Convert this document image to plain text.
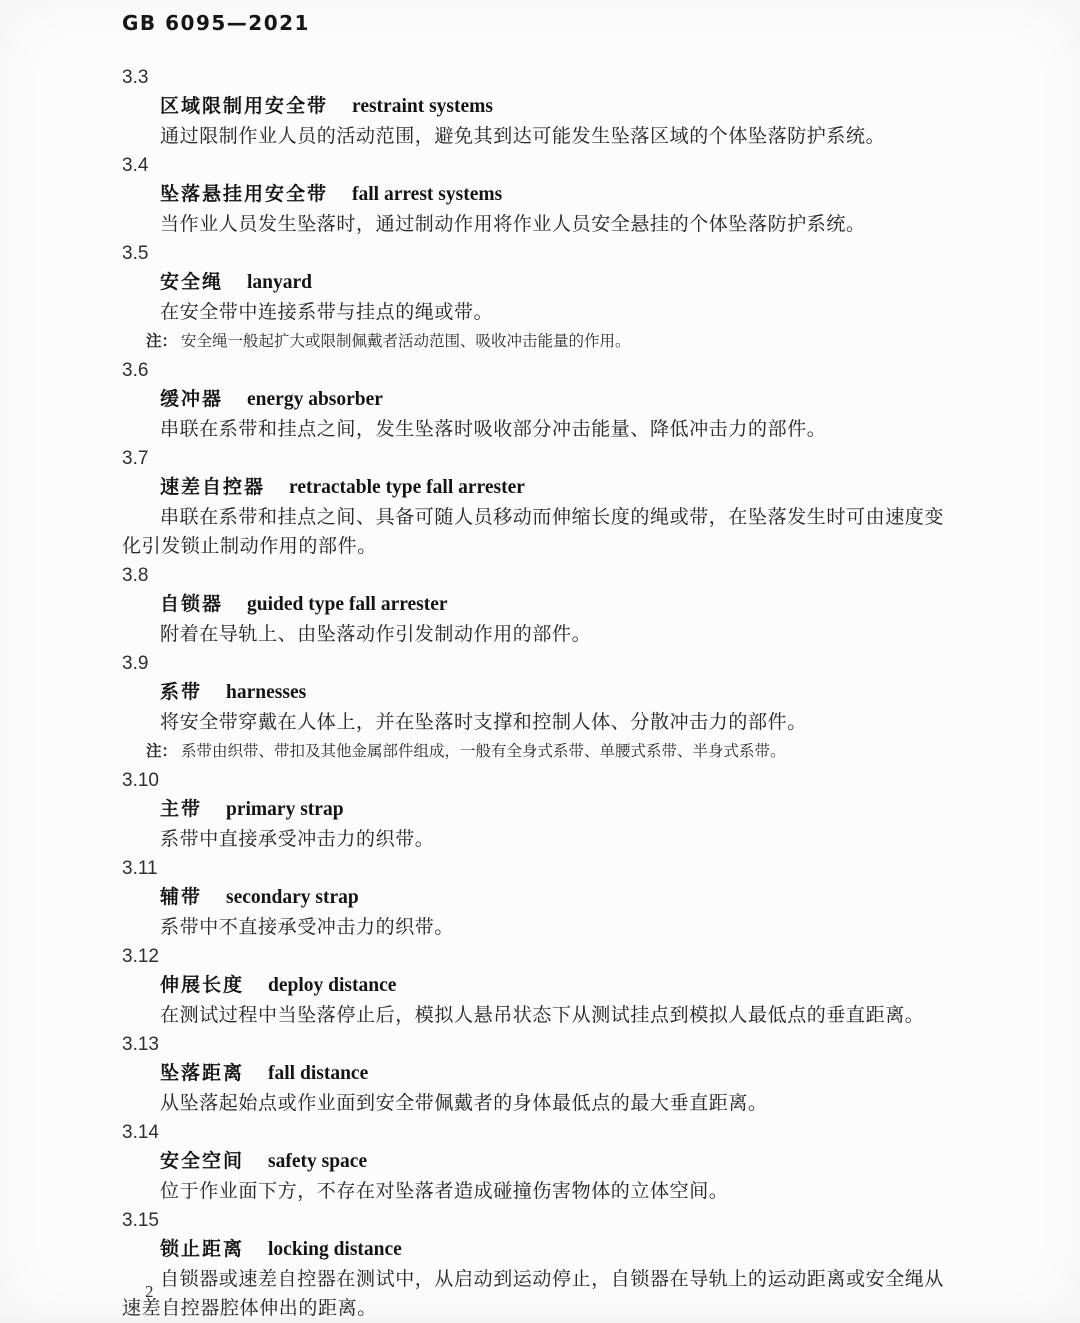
GB 6095—2021
3.3
区域限制用安全带 restraint systems

通过限制作业人员的活动范围，避免其到达可能发生坠落区域的个体坠落防护系统。

3.4
坠落悬挂用安全带 fall arrest systems

当作业人员发生坠落时，通过制动作用将作业人员安全悬挂的个体坠落防护系统。

3.5
安全绳 lanyard

在安全带中连接系带与挂点的绳或带。

注： 安全绳一般起扩大或限制佩戴者活动范围、吸收冲击能量的作用。

3.6
缓冲器 energy absorber

串联在系带和挂点之间，发生坠落时吸收部分冲击能量、降低冲击力的部件。

3.7
速差自控器 retractable type fall arrester

串联在系带和挂点之间、具备可随人员移动而伸缩长度的绳或带，在坠落发生时可由速度变化引发锁止制动作用的部件。

3.8
自锁器 guided type fall arrester

附着在导轨上、由坠落动作引发制动作用的部件。

3.9
系带 harnesses

将安全带穿戴在人体上，并在坠落时支撑和控制人体、分散冲击力的部件。

注： 系带由织带、带扣及其他金属部件组成，一般有全身式系带、单腰式系带、半身式系带。

3.10
主带 primary strap

系带中直接承受冲击力的织带。

3.11
辅带 secondary strap

系带中不直接承受冲击力的织带。

3.12
伸展长度 deploy distance

在测试过程中当坠落停止后，模拟人悬吊状态下从测试挂点到模拟人最低点的垂直距离。

3.13
坠落距离 fall distance

从坠落起始点或作业面到安全带佩戴者的身体最低点的最大垂直距离。

3.14
安全空间 safety space

位于作业面下方，不存在对坠落者造成碰撞伤害物体的立体空间。

3.15
锁止距离 locking distance

自锁器或速差自控器在测试中，从启动到运动停止，自锁器在导轨上的运动距离或安全绳从速差自控器腔体伸出的距离。

2
